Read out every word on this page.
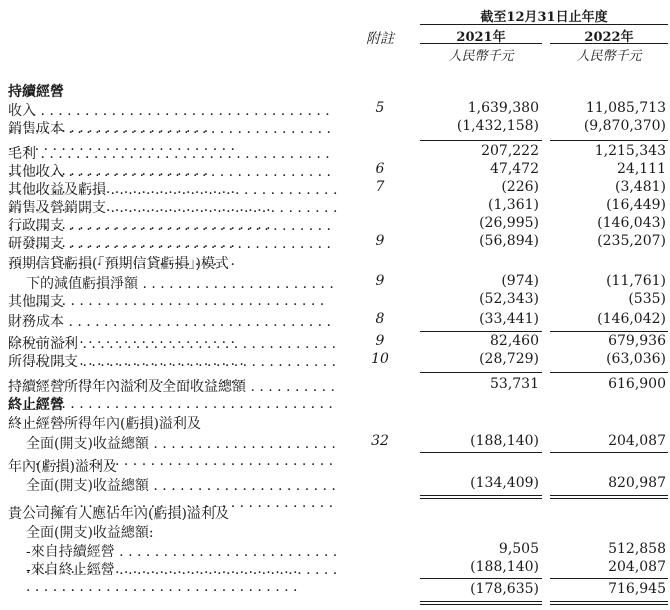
截至12月31日止年度
附註	2021年	2022年
人民幣千元	人民幣千元
持續經營
收入 . . .	5	1,639,380	11,085,713
銷售成本 . . .	(1,432,158)	(9,870,370)
毛利 . . .	207,222	1,215,343
其他收入 . . .	6	47,472	24,111
其他收益及虧損 . . .	7	(226)	(3,481)
銷售及營銷開支 . . .	(1,361)	(16,449)
行政開支 . . .	(26,995)	(146,043)
研發開支 . . .	9	(56,894)	(235,207)
預期信貸虧損(「預期信貸虧損」)模式
下的減值虧損淨額 . . .	9	(974)	(11,761)
其他開支	(52,343)	(535)
財務成本 . . .	8	(33,441)	(146,042)
除稅前溢利 . . .	9	82,460	679,936
所得稅開支 . . .	10	(28,729)	(63,036)
持續經營所得年內溢利及全面收益總額 . . .	53,731	616,900
終止經營
終止經營所得年內(虧損)溢利及
全面(開支)收益總額 . . .	32	(188,140)	204,087
年內(虧損)溢利及
全面(開支)收益總額 . . .	(134,409)	820,987
貴公司擁有人應佔年內(虧損)溢利及
全面(開支)收益總額:
-來自持續經營 . . .	9,505	512,858
-來自終止經營 . . .	(188,140)	204,087
(178,635)	716,945
